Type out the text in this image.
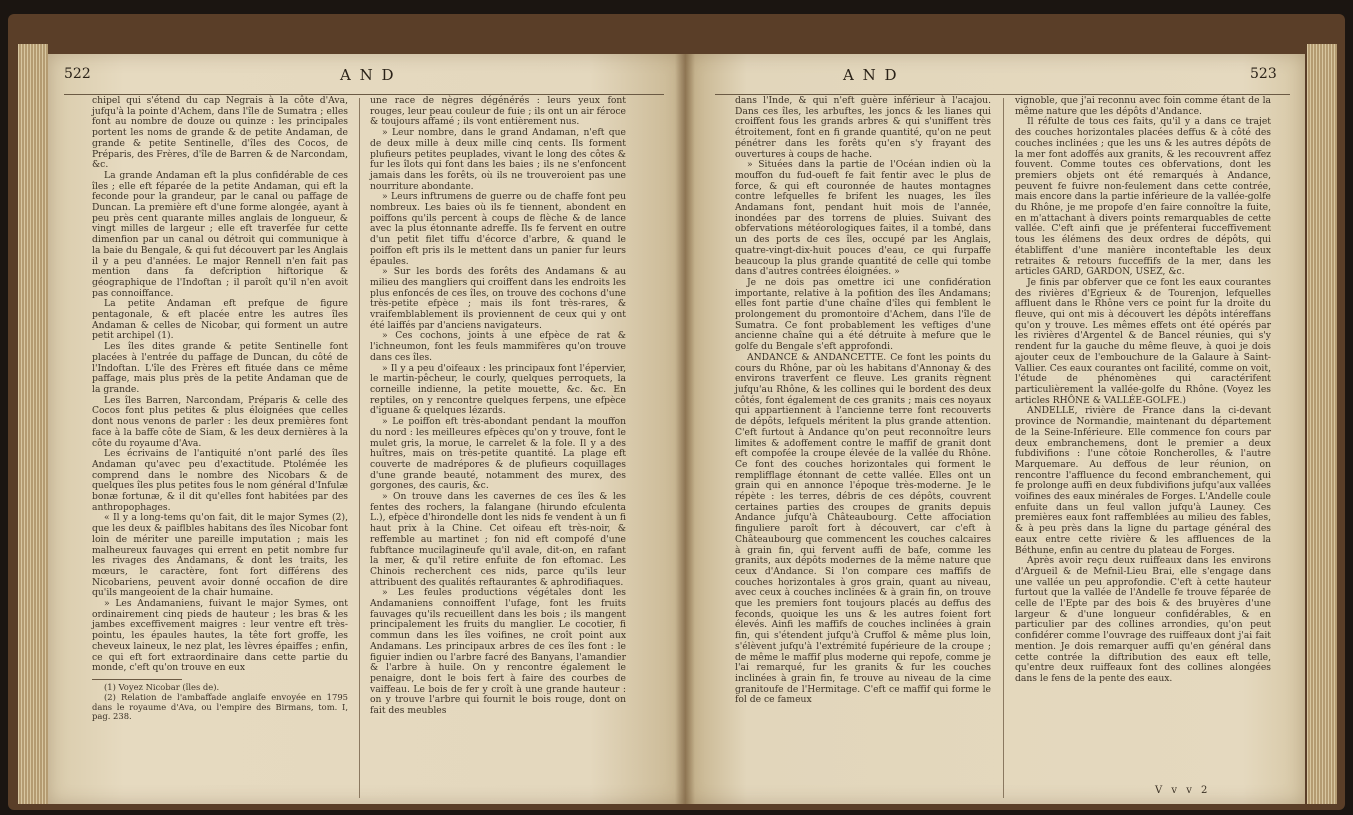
522	A N D

chipel qui s'étend du cap Negrais à la côte d'Ava, jufqu'à la pointe d'Achem, dans l'île de Sumatra ; elles font au nombre de douze ou quinze : les principales portent les noms de grande & de petite Andaman, de grande & petite Sentinelle, d'îles des Cocos, de Préparis, des Frères, d'île de Barren & de Narcondam, &c.

La grande Andaman eft la plus confidérable de ces îles ; elle eft féparée de la petite Andaman, qui eft la feconde pour la grandeur, par le canal ou paffage de Duncan. La première eft d'une forme alongée, ayant à peu près cent quarante milles anglais de longueur, & vingt milles de largeur ; elle eft traverfée fur cette dimenfion par un canal ou détroit qui communique à la baie du Bengale, & qui fut découvert par les Anglais il y a peu d'années. Le major Rennell n'en fait pas mention dans fa defcription hiftorique & géographique de l'Indoftan ; il paroît qu'il n'en avoit pas connoiffance.

La petite Andaman eft prefque de figure pentagonale, & eft placée entre les autres îles Andaman & celles de Nicobar, qui forment un autre petit archipel (1).

Les îles dites grande & petite Sentinelle font placées à l'entrée du paffage de Duncan, du côté de l'Indoftan. L'île des Frères eft fituée dans ce même paffage, mais plus près de la petite Andaman que de la grande.

Les îles Barren, Narcondam, Préparis & celle des Cocos font plus petites & plus éloignées que celles dont nous venons de parler : les deux premières font face à la baffe côte de Siam, & les deux dernières à la côte du royaume d'Ava.

Les écrivains de l'antiquité n'ont parlé des îles Andaman qu'avec peu d'exactitude. Ptolémée les comprend dans le nombre des Nicobars & de quelques îles plus petites fous le nom général d'Infulæ bonæ fortunæ, & il dit qu'elles font habitées par des anthropophages.

« Il y a long-tems qu'on fait, dit le major Symes (2), que les deux & paiflbles habitans des îles Nicobar font loin de mériter une pareille imputation ; mais les malheureux fauvages qui errent en petit nombre fur les rivages des Andamans, & dont les traits, les mœurs, le caractère, font fort différens des Nicobariens, peuvent avoir donné occafion de dire qu'ils mangeoient de la chair humaine.

» Les Andamaniens, fuivant le major Symes, ont ordinairement cinq pieds de hauteur ; les bras & les jambes exceffivement maigres : leur ventre eft très-pointu, les épaules hautes, la tête fort groffe, les cheveux laineux, le nez plat, les lèvres épaiffes ; enfin, ce qui eft fort extraordinaire dans cette partie du monde, c'eft qu'on trouve en eux

(1) Voyez Nicobar (îles de).

(2) Relation de l'ambaffade anglaife envoyée en 1795 dans le royaume d'Ava, ou l'empire des Birmans, tom. I, pag. 238.

une race de nègres dégénérés : leurs yeux font rouges, leur peau couleur de fuie ; ils ont un air féroce & toujours affamé ; ils vont entièrement nus.

» Leur nombre, dans le grand Andaman, n'eft que de deux mille à deux mille cinq cents. Ils forment plufieurs petites peuplades, vivant le long des côtes & fur les îlots qui font dans les baies ; ils ne s'enfoncent jamais dans les forêts, où ils ne trouveroient pas une nourriture abondante.

» Leurs inftrumens de guerre ou de chaffe font peu nombreux. Les baies où ils fe tiennent, abondent en poiffons qu'ils percent à coups de flèche & de lance avec la plus étonnante adreffe. Ils fe fervent en outre d'un petit filet tiffu d'écorce d'arbre, & quand le poiffon eft pris ils le mettent dans un panier fur leurs épaules.

» Sur les bords des forêts des Andamans & au milieu des mangliers qui croiffent dans les endroits les plus enfoncés de ces îles, on trouve des cochons d'une très-petite efpèce ; mais ils font très-rares, & vraifemblablement ils proviennent de ceux qui y ont été laiffés par d'anciens navigateurs.

» Ces cochons, joints à une efpèce de rat & l'ichneumon, font les feuls mammifères qu'on trouve dans ces îles.

» Il y a peu d'oifeaux : les principaux font l'épervier, le martin-pêcheur, le courly, quelques perroquets, la corneille indienne, la petite mouette, &c. &c. En reptiles, on y rencontre quelques ferpens, une efpèce d'iguane & quelques lézards.

» Le poiffon eft très-abondant pendant la mouffon du nord : les meilleures efpèces qu'on y trouve, font le mulet gris, la morue, le carrelet & la fole. Il y a des huîtres, mais on très-petite quantité. La plage eft couverte de madrépores & de plufieurs coquillages d'une grande beauté, notamment des murex, des gorgones, des cauris, &c.

» On trouve dans les cavernes de ces îles & les fentes des rochers, la falangane (hirundo efculenta L.), efpèce d'hirondelle dont les nids fe vendent à un fi haut prix à la Chine. Cet oifeau eft très-noir, & reffemble au martinet ; fon nid eft compofé d'une fubftance mucilagineufe qu'il avale, dit-on, en rafant la mer, & qu'il retire enfuite de fon eftomac. Les Chinois recherchent ces nids, parce qu'ils leur attribuent des qualités reftaurantes & aphrodifiaques.

» Les feules productions végétales dont les Andamaniens connoiffent l'ufage, font les fruits fauvages qu'ils recueillent dans les bois ; ils mangent principalement les fruits du manglier. Le cocotier, fi commun dans les îles voifines, ne croît point aux Andamans. Les principaux arbres de ces îles font : le figuier indien ou l'arbre facré des Banyans, l'amandier & l'arbre à huile. On y rencontre également le penaigre, dont le bois fert à faire des courbes de vaiffeau. Le bois de fer y croît à une grande hauteur : on y trouve l'arbre qui fournit le bois rouge, dont on fait des meubles

A N D	523

dans l'Inde, & qui n'eft guère inférieur à l'acajou. Dans ces îles, les arbuftes, les joncs & les lianes qui croiffent fous les grands arbres & qui s'uniffent très étroitement, font en fi grande quantité, qu'on ne peut pénétrer dans les forêts qu'en s'y frayant des ouvertures à coups de hache.

» Situées dans la partie de l'Océan indien où la mouffon du fud-oueft fe fait fentir avec le plus de force, & qui eft couronnée de hautes montagnes contre lefquelles fe brifent les nuages, les îles Andamans font, pendant huit mois de l'année, inondées par des torrens de pluies. Suivant des obfervations météorologiques faites, il a tombé, dans un des ports de ces îles, occupé par les Anglais, quatre-vingt-dix-huit pouces d'eau, ce qui furpaffe beaucoup la plus grande quantité de celle qui tombe dans d'autres contrées éloignées. »

Je ne dois pas omettre ici une confidération importante, relative à la pofition des îles Andamans; elles font partie d'une chaîne d'îles qui femblent le prolongement du promontoire d'Achem, dans l'île de Sumatra. Ce font probablement les veftiges d'une ancienne chaîne qui a été détruite à mefure que le golfe du Bengale s'eft approfondi.

ANDANCE & ANDANCETTE. Ce font les points du cours du Rhône, par où les habitans d'Annonay & des environs traverfent ce fleuve. Les granits règnent jufqu'au Rhône, & les collines qui le bordent des deux côtés, font également de ces granits ; mais ces noyaux qui appartiennent à l'ancienne terre font recouverts de dépôts, lefquels méritent la plus grande attention. C'eft furtout à Andance qu'on peut reconnoître leurs limites & adoffement contre le maffif de granit dont eft compofée la croupe élevée de la vallée du Rhône. Ce font des couches horizontales qui forment le remplifflage étonnant de cette vallée. Elles ont un grain qui en annonce l'époque très-moderne. Je le répète : les terres, débris de ces dépôts, couvrent certaines parties des croupes de granits depuis Andance jufqu'à Châteaubourg. Cette affociation finguliere paroît fort à découvert, car c'eft à Châteaubourg que commencent les couches calcaires à grain fin, qui fervent auffi de bafe, comme les granits, aux dépôts modernes de la même nature que ceux d'Andance. Si l'on compare ces maffifs de couches horizontales à gros grain, quant au niveau, avec ceux à couches inclinées & à grain fin, on trouve que les premiers font toujours placés au deffus des feconds, quoique les uns & les autres foient fort élevés. Ainfi les maffifs de couches inclinées à grain fin, qui s'étendent jufqu'à Cruffol & même plus loin, s'élèvent jufqu'à l'extrémité fupérieure de la croupe ; de même le maffif plus moderne qui repofe, comme je l'ai remarqué, fur les granits & fur les couches inclinées à grain fin, fe trouve au niveau de la cime granitoufe de l'Hermitage. C'eft ce maffif qui forme le fol de ce fameux

vignoble, que j'ai reconnu avec foin comme étant de la même nature que les dépôts d'Andance.

Il réfulte de tous ces faits, qu'il y a dans ce trajet des couches horizontales placées deffus & à côté des couches inclinées ; que les uns & les autres dépôts de la mer font adoffés aux granits, & les recouvrent affez fouvent. Comme toutes ces obfervations, dont les premiers objets ont été remarqués à Andance, peuvent fe fuivre non-feulement dans cette contrée, mais encore dans la partie inférieure de la vallée-golfe du Rhône, je me propofe d'en faire connoître la fuite, en m'attachant à divers points remarquables de cette vallée. C'eft ainfi que je préfenterai fucceffivement tous les élémens des deux ordres de dépôts, qui établiffent d'une manière inconteftable les deux retraites & retours fucceffifs de la mer, dans les articles GARD, GARDON, USEZ, &c.

Je finis par obferver que ce font les eaux courantes des rivières d'Egrieux & de Tourenjon, lefquelles affluent dans le Rhône vers ce point fur la droite du fleuve, qui ont mis à découvert les dépôts intéreffans qu'on y trouve. Les mêmes effets ont été opérés par les rivières d'Argentel & de Bancel réunies, qui s'y rendent fur la gauche du même fleuve, à quoi je dois ajouter ceux de l'embouchure de la Galaure à Saint-Vallier. Ces eaux courantes ont facilité, comme on voit, l'étude de phénomènes qui caractérifent particulièrement la vallée-golfe du Rhône. (Voyez les articles RHÔNE & VALLÉE-GOLFE.)

ANDELLE, rivière de France dans la ci-devant province de Normandie, maintenant du département de la Seine-Inférieure. Elle commence fon cours par deux embranchemens, dont le premier a deux fubdivifions : l'une côtoie Roncherolles, & l'autre Marquemare. Au deffous de leur réunion, on rencontre l'affluence du fecond embranchement, qui fe prolonge auffi en deux fubdivifions jufqu'aux vallées voifines des eaux minérales de Forges. L'Andelle coule enfuite dans un feul vallon jufqu'à Launey. Ces premières eaux font raffemblées au milieu des fables, & à peu près dans la ligne du partage général des eaux entre cette rivière & les affluences de la Béthune, enfin au centre du plateau de Forges.

Après avoir reçu deux ruiffeaux dans les environs d'Argueil & de Mefnil-Lieu Brai, elle s'engage dans une vallée un peu approfondie. C'eft à cette hauteur furtout que la vallée de l'Andelle fe trouve féparée de celle de l'Epte par des bois & des bruyères d'une largeur & d'une longueur confidérables, & en particulier par des collines arrondies, qu'on peut confidérer comme l'ouvrage des ruiffeaux dont j'ai fait mention. Je dois remarquer auffi qu'en général dans cette contrée la diftribution des eaux eft telle, qu'entre deux ruiffeaux font des collines alongées dans le fens de la pente des eaux.

V v v 2
